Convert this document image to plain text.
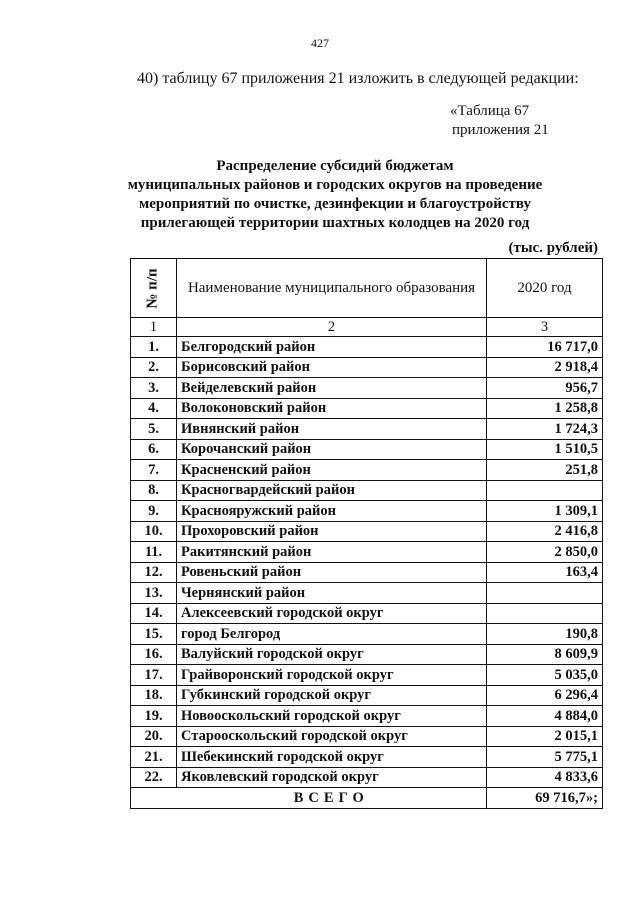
427
40) таблицу 67 приложения 21 изложить в следующей редакции:
«Таблица 67
приложения 21
Распределение субсидий бюджетам
муниципальных районов и городских округов на проведение
мероприятий по очистке, дезинфекции и благоустройству
прилегающей территории шахтных колодцев на 2020 год
(тыс. рублей)
№ п/п	Наименование муниципального образования	2020 год
1	2	3
1.	Белгородский район	16 717,0
2.	Борисовский район	2 918,4
3.	Вейделевский район	956,7
4.	Волоконовский район	1 258,8
5.	Ивнянский район	1 724,3
6.	Корочанский район	1 510,5
7.	Красненский район	251,8
8.	Красногвардейский район	
9.	Краснояружский район	1 309,1
10.	Прохоровский район	2 416,8
11.	Ракитянский район	2 850,0
12.	Ровеньский район	163,4
13.	Чернянский район	
14.	Алексеевский городской округ	
15.	город Белгород	190,8
16.	Валуйский городской округ	8 609,9
17.	Грайворонский городской округ	5 035,0
18.	Губкинский городской округ	6 296,4
19.	Новооскольский городской округ	4 884,0
20.	Старооскольский городской округ	2 015,1
21.	Шебекинский городской округ	5 775,1
22.	Яковлевский городской округ	4 833,6
	ВСЕГО	69 716,7»;
